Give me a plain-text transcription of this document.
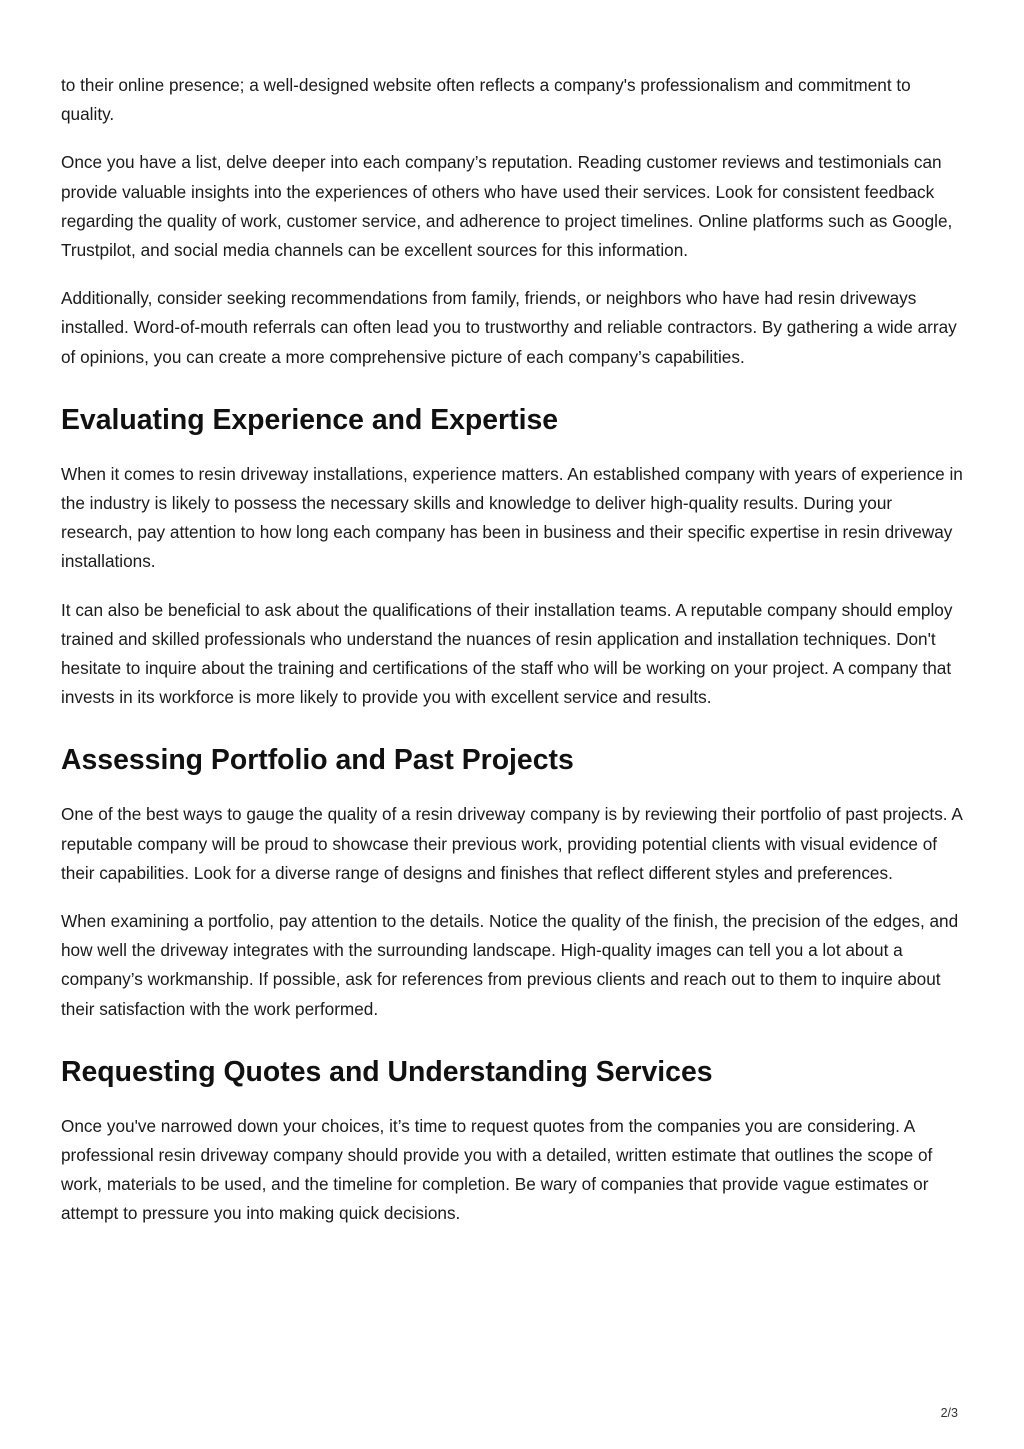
to their online presence; a well-designed website often reflects a company's professionalism and commitment to quality.

Once you have a list, delve deeper into each company’s reputation. Reading customer reviews and testimonials can provide valuable insights into the experiences of others who have used their services. Look for consistent feedback regarding the quality of work, customer service, and adherence to project timelines. Online platforms such as Google, Trustpilot, and social media channels can be excellent sources for this information.

Additionally, consider seeking recommendations from family, friends, or neighbors who have had resin driveways installed. Word-of-mouth referrals can often lead you to trustworthy and reliable contractors. By gathering a wide array of opinions, you can create a more comprehensive picture of each company’s capabilities.

Evaluating Experience and Expertise

When it comes to resin driveway installations, experience matters. An established company with years of experience in the industry is likely to possess the necessary skills and knowledge to deliver high-quality results. During your research, pay attention to how long each company has been in business and their specific expertise in resin driveway installations.

It can also be beneficial to ask about the qualifications of their installation teams. A reputable company should employ trained and skilled professionals who understand the nuances of resin application and installation techniques. Don't hesitate to inquire about the training and certifications of the staff who will be working on your project. A company that invests in its workforce is more likely to provide you with excellent service and results.

Assessing Portfolio and Past Projects

One of the best ways to gauge the quality of a resin driveway company is by reviewing their portfolio of past projects. A reputable company will be proud to showcase their previous work, providing potential clients with visual evidence of their capabilities. Look for a diverse range of designs and finishes that reflect different styles and preferences.

When examining a portfolio, pay attention to the details. Notice the quality of the finish, the precision of the edges, and how well the driveway integrates with the surrounding landscape. High-quality images can tell you a lot about a company’s workmanship. If possible, ask for references from previous clients and reach out to them to inquire about their satisfaction with the work performed.

Requesting Quotes and Understanding Services

Once you've narrowed down your choices, it’s time to request quotes from the companies you are considering. A professional resin driveway company should provide you with a detailed, written estimate that outlines the scope of work, materials to be used, and the timeline for completion. Be wary of companies that provide vague estimates or attempt to pressure you into making quick decisions.

2/3
